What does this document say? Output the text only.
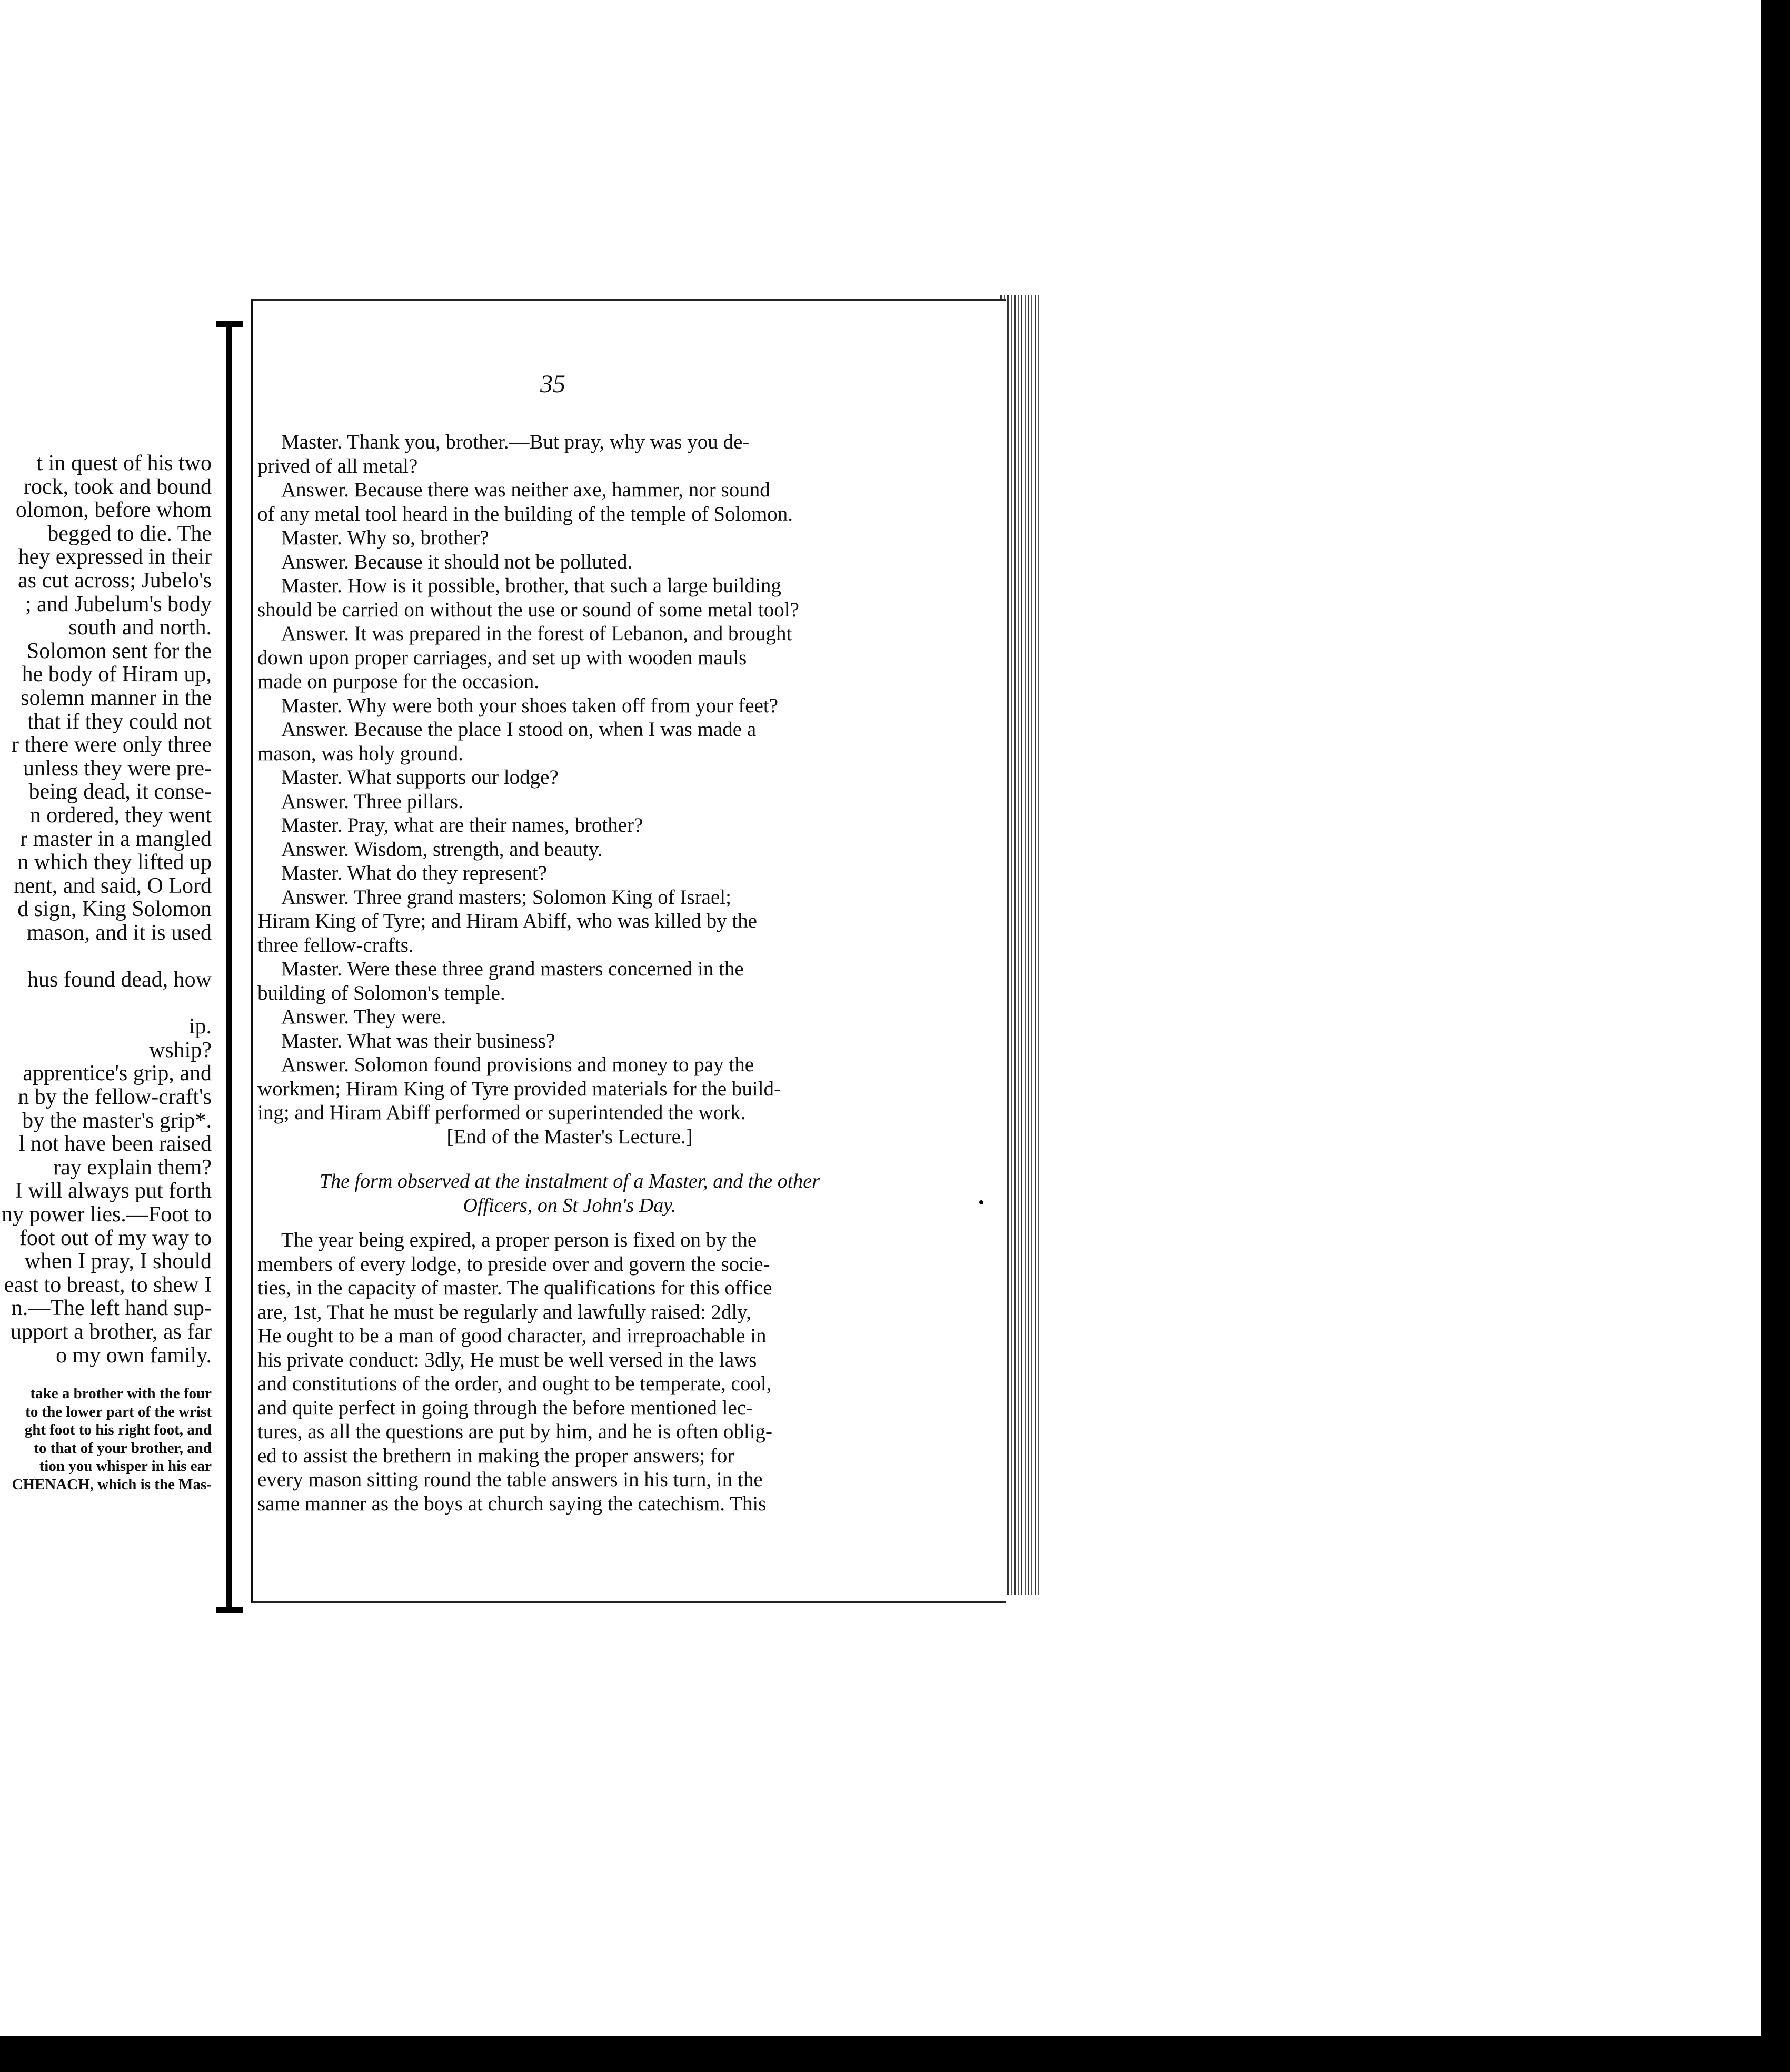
t in quest of his two
rock, took and bound
olomon, before whom
begged to die. The
hey expressed in their
as cut across; Jubelo's
; and Jubelum's body
south and north.
Solomon sent for the
he body of Hiram up,
solemn manner in the
that if they could not
r there were only three
unless they were pre-
being dead, it conse-
n ordered, they went
r master in a mangled
n which they lifted up
nent, and said, O Lord
d sign, King Solomon
mason, and it is used
hus found dead, how
ip.
wship?
apprentice's grip, and
n by the fellow-craft's
by the master's grip*.
l not have been raised
ray explain them?
I will always put forth
ny power lies.—Foot to
foot out of my way to
when I pray, I should
east to breast, to shew I
n.—The left hand sup-
upport a brother, as far
o my own family.
take a brother with the four
to the lower part of the wrist
ght foot to his right foot, and
to that of your brother, and
tion you whisper in his ear
CHENACH, which is the Mas-
35
Master. Thank you, brother.—But pray, why was you de-
prived of all metal?
Answer. Because there was neither axe, hammer, nor sound
of any metal tool heard in the building of the temple of Solomon.
Master. Why so, brother?
Answer. Because it should not be polluted.
Master. How is it possible, brother, that such a large building
should be carried on without the use or sound of some metal tool?
Answer. It was prepared in the forest of Lebanon, and brought
down upon proper carriages, and set up with wooden mauls
made on purpose for the occasion.
Master. Why were both your shoes taken off from your feet?
Answer. Because the place I stood on, when I was made a
mason, was holy ground.
Master. What supports our lodge?
Answer. Three pillars.
Master. Pray, what are their names, brother?
Answer. Wisdom, strength, and beauty.
Master. What do they represent?
Answer. Three grand masters; Solomon King of Israel;
Hiram King of Tyre; and Hiram Abiff, who was killed by the
three fellow-crafts.
Master. Were these three grand masters concerned in the
building of Solomon's temple.
Answer. They were.
Master. What was their business?
Answer. Solomon found provisions and money to pay the
workmen; Hiram King of Tyre provided materials for the build-
ing; and Hiram Abiff performed or superintended the work.
[End of the Master's Lecture.]
The form observed at the instalment of a Master, and the other
Officers, on St John's Day.
The year being expired, a proper person is fixed on by the
members of every lodge, to preside over and govern the socie-
ties, in the capacity of master. The qualifications for this office
are, 1st, That he must be regularly and lawfully raised: 2dly,
He ought to be a man of good character, and irreproachable in
his private conduct: 3dly, He must be well versed in the laws
and constitutions of the order, and ought to be temperate, cool,
and quite perfect in going through the before mentioned lec-
tures, as all the questions are put by him, and he is often oblig-
ed to assist the brethern in making the proper answers; for
every mason sitting round the table answers in his turn, in the
same manner as the boys at church saying the catechism. This
